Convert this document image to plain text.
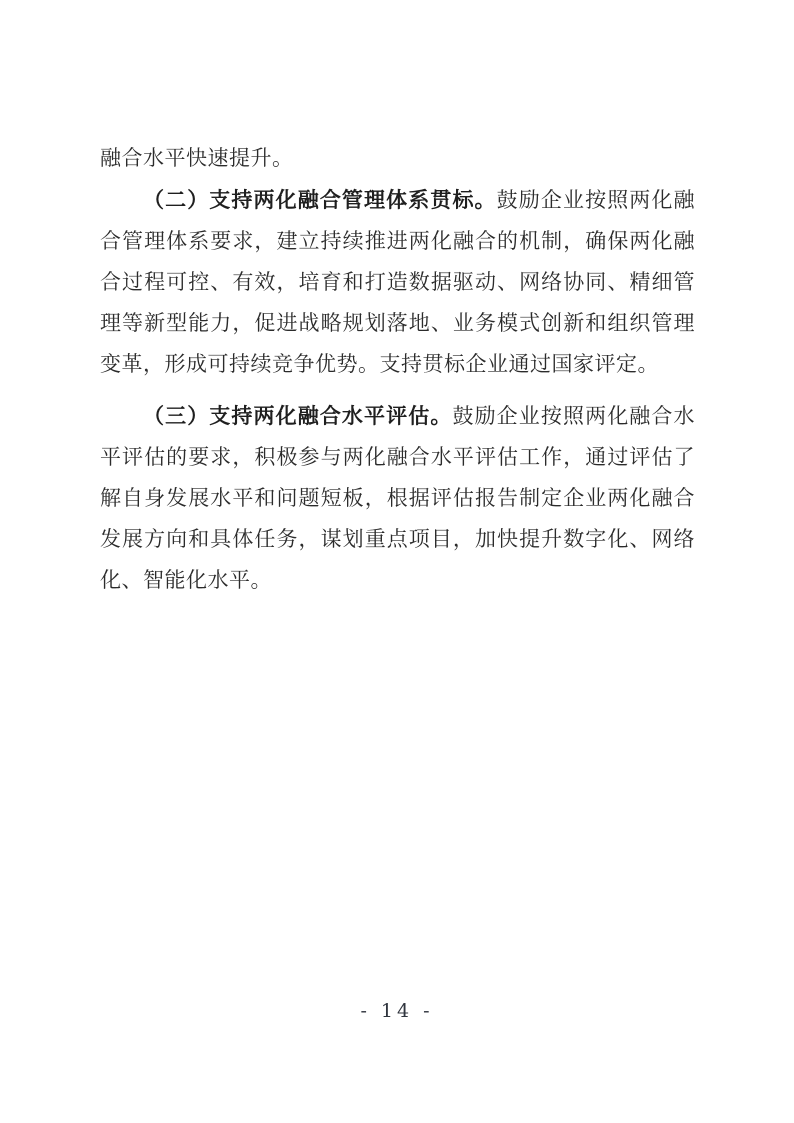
融合水平快速提升。

（二）支持两化融合管理体系贯标。鼓励企业按照两化融合管理体系要求，建立持续推进两化融合的机制，确保两化融合过程可控、有效，培育和打造数据驱动、网络协同、精细管理等新型能力，促进战略规划落地、业务模式创新和组织管理变革，形成可持续竞争优势。支持贯标企业通过国家评定。

（三）支持两化融合水平评估。鼓励企业按照两化融合水平评估的要求，积极参与两化融合水平评估工作，通过评估了解自身发展水平和问题短板，根据评估报告制定企业两化融合发展方向和具体任务，谋划重点项目，加快提升数字化、网络化、智能化水平。

- 14 -
